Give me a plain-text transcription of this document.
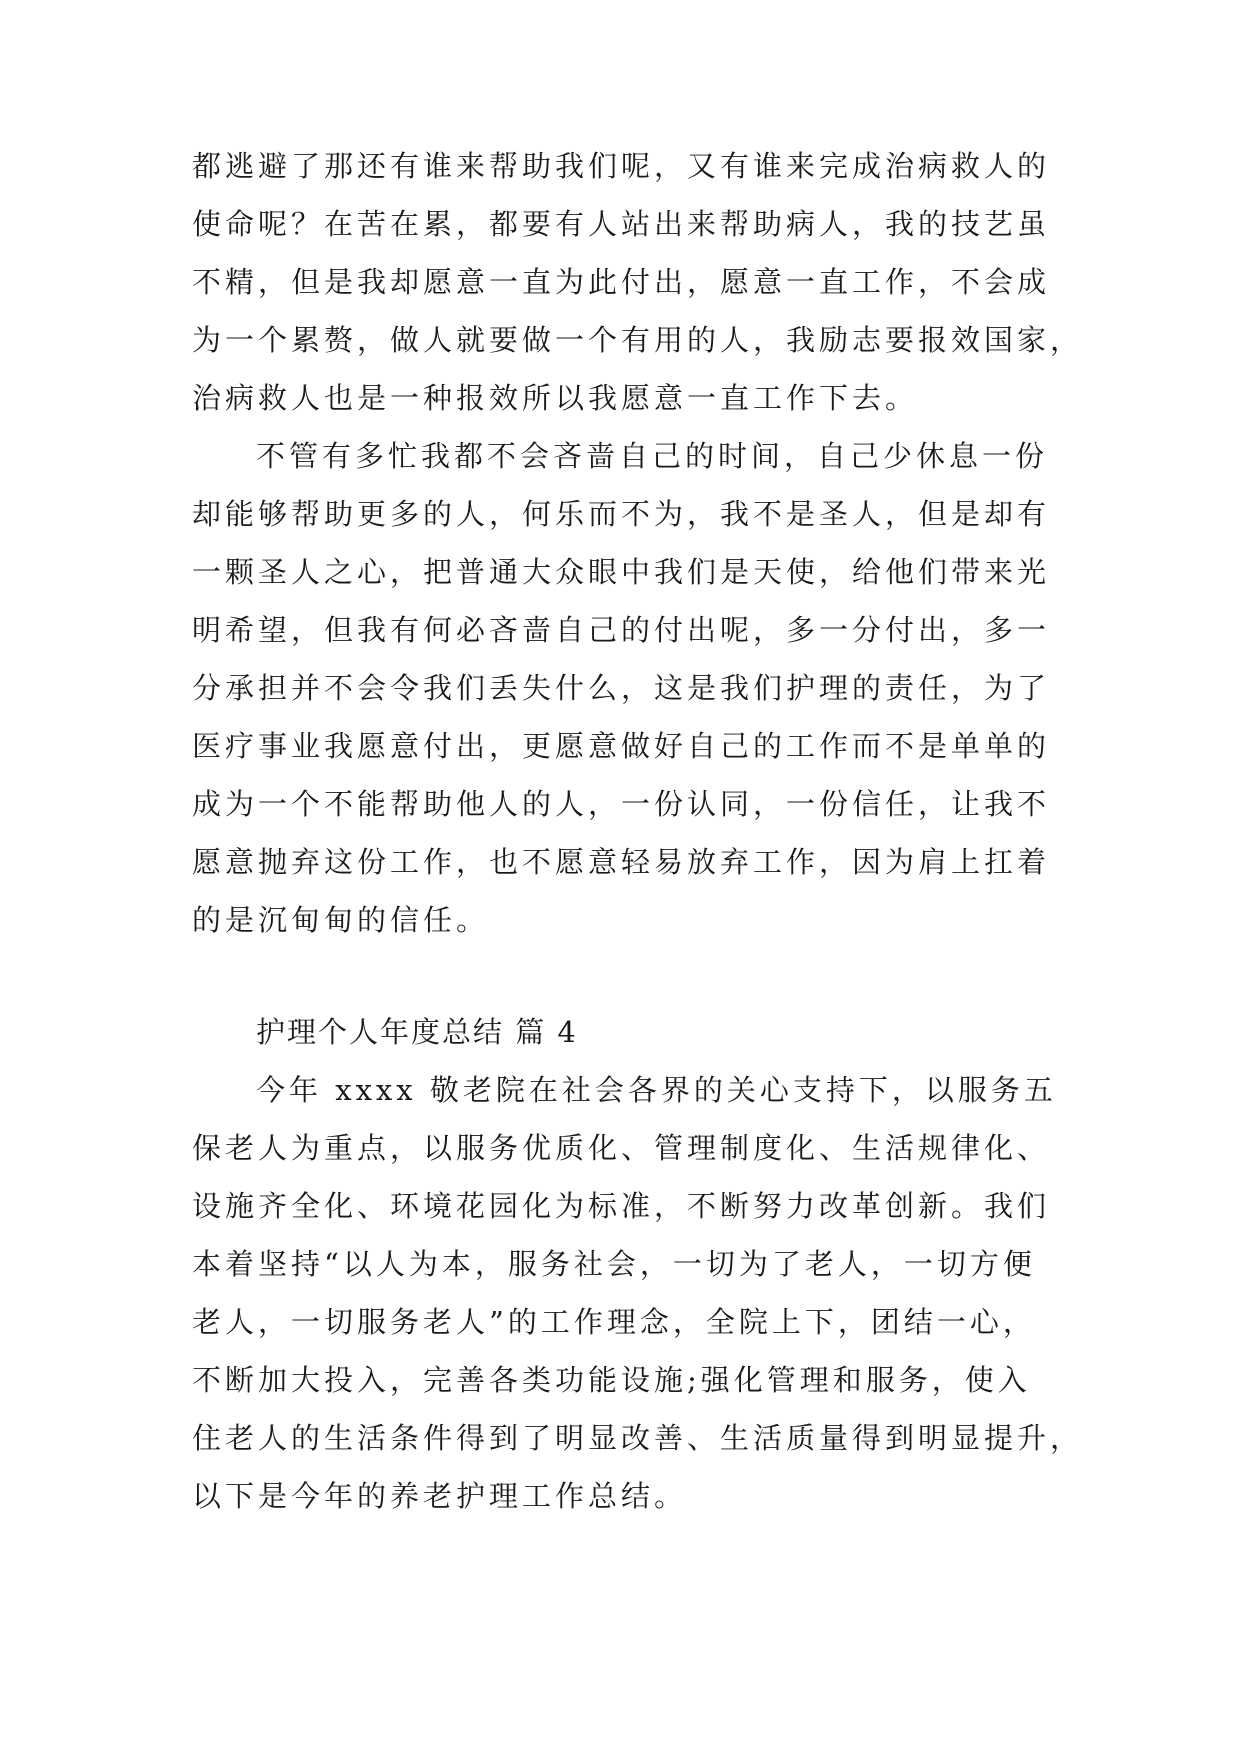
都逃避了那还有谁来帮助我们呢，又有谁来完成治病救人的
使命呢？在苦在累，都要有人站出来帮助病人，我的技艺虽
不精，但是我却愿意一直为此付出，愿意一直工作，不会成
为一个累赘，做人就要做一个有用的人，我励志要报效国家，
治病救人也是一种报效所以我愿意一直工作下去。
不管有多忙我都不会吝啬自己的时间，自己少休息一份
却能够帮助更多的人，何乐而不为，我不是圣人，但是却有
一颗圣人之心，把普通大众眼中我们是天使，给他们带来光
明希望，但我有何必吝啬自己的付出呢，多一分付出，多一
分承担并不会令我们丢失什么，这是我们护理的责任，为了
医疗事业我愿意付出，更愿意做好自己的工作而不是单单的
成为一个不能帮助他人的人，一份认同，一份信任，让我不
愿意抛弃这份工作，也不愿意轻易放弃工作，因为肩上扛着
的是沉甸甸的信任。
护理个人年度总结 篇 4
今年 xxxx 敬老院在社会各界的关心支持下，以服务五
保老人为重点，以服务优质化、管理制度化、生活规律化、
设施齐全化、环境花园化为标准，不断努力改革创新。我们
本着坚持“以人为本，服务社会，一切为了老人，一切方便
老人，一切服务老人”的工作理念，全院上下，团结一心，
不断加大投入，完善各类功能设施;强化管理和服务，使入
住老人的生活条件得到了明显改善、生活质量得到明显提升，
以下是今年的养老护理工作总结。
